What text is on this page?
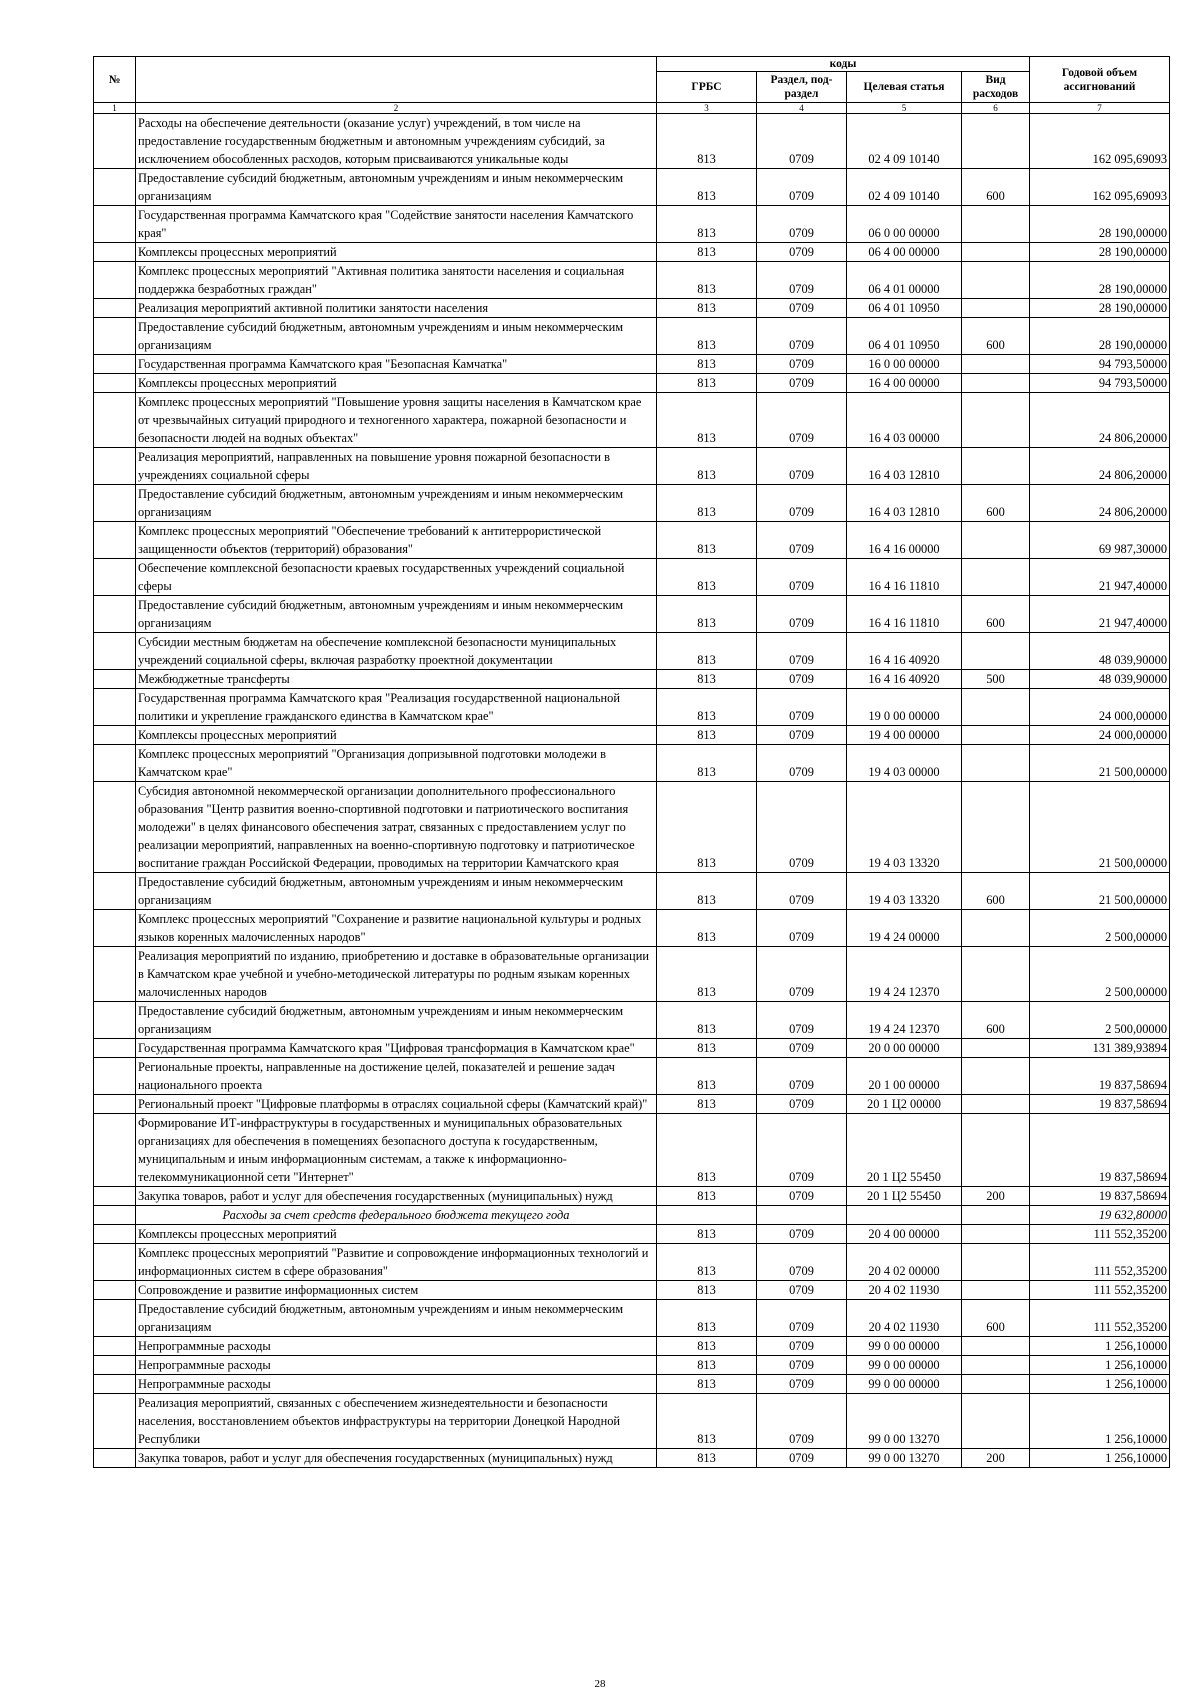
№		коды				Годовой объем ассигнований
		ГРБС	Раздел, под-раздел	Целевая статья	Вид расходов	
1	2	3	4	5	6	7
	Расходы на обеспечение деятельности (оказание услуг) учреждений, в том числе на предоставление государственным бюджетным и автономным учреждениям субсидий, за исключением обособленных расходов, которым присваиваются уникальные коды	813	0709	02 4 09 10140		162 095,69093
	Предоставление субсидий бюджетным, автономным учреждениям и иным некоммерческим организациям	813	0709	02 4 09 10140	600	162 095,69093
	Государственная программа Камчатского края "Содействие занятости населения Камчатского края"	813	0709	06 0 00 00000		28 190,00000
	Комплексы процессных мероприятий	813	0709	06 4 00 00000		28 190,00000
	Комплекс процессных мероприятий "Активная политика занятости населения и социальная поддержка безработных граждан"	813	0709	06 4 01 00000		28 190,00000
	Реализация мероприятий активной политики занятости населения	813	0709	06 4 01 10950		28 190,00000
	Предоставление субсидий бюджетным, автономным учреждениям и иным некоммерческим организациям	813	0709	06 4 01 10950	600	28 190,00000
	Государственная программа Камчатского края "Безопасная Камчатка"	813	0709	16 0 00 00000		94 793,50000
	Комплексы процессных мероприятий	813	0709	16 4 00 00000		94 793,50000
	Комплекс процессных мероприятий "Повышение уровня защиты населения в Камчатском крае от чрезвычайных ситуаций природного и техногенного характера, пожарной безопасности и безопасности людей на водных объектах"	813	0709	16 4 03 00000		24 806,20000
	Реализация мероприятий, направленных на повышение уровня пожарной безопасности в учреждениях социальной сферы	813	0709	16 4 03 12810		24 806,20000
	Предоставление субсидий бюджетным, автономным учреждениям и иным некоммерческим организациям	813	0709	16 4 03 12810	600	24 806,20000
	Комплекс процессных мероприятий "Обеспечение требований к антитеррористической защищенности объектов (территорий) образования"	813	0709	16 4 16 00000		69 987,30000
	Обеспечение комплексной безопасности краевых государственных учреждений социальной сферы	813	0709	16 4 16 11810		21 947,40000
	Предоставление субсидий бюджетным, автономным учреждениям и иным некоммерческим организациям	813	0709	16 4 16 11810	600	21 947,40000
	Субсидии местным бюджетам на обеспечение комплексной безопасности муниципальных учреждений социальной сферы, включая разработку проектной документации	813	0709	16 4 16 40920		48 039,90000
	Межбюджетные трансферты	813	0709	16 4 16 40920	500	48 039,90000
	Государственная программа Камчатского края "Реализация государственной национальной политики и укрепление гражданского единства в Камчатском крае"	813	0709	19 0 00 00000		24 000,00000
	Комплексы процессных мероприятий	813	0709	19 4 00 00000		24 000,00000
	Комплекс процессных мероприятий "Организация допризывной подготовки молодежи в Камчатском крае"	813	0709	19 4 03 00000		21 500,00000
	Субсидия автономной некоммерческой организации дополнительного профессионального образования "Центр развития военно-спортивной подготовки и патриотического воспитания молодежи" в целях финансового обеспечения затрат, связанных с предоставлением услуг по реализации мероприятий, направленных на военно-спортивную подготовку и патриотическое воспитание граждан Российской Федерации, проводимых на территории Камчатского края	813	0709	19 4 03 13320		21 500,00000
	Предоставление субсидий бюджетным, автономным учреждениям и иным некоммерческим организациям	813	0709	19 4 03 13320	600	21 500,00000
	Комплекс процессных мероприятий "Сохранение и развитие национальной культуры и родных языков коренных малочисленных народов"	813	0709	19 4 24 00000		2 500,00000
	Реализация мероприятий по изданию, приобретению и доставке в образовательные организации в Камчатском крае учебной и учебно-методической литературы по родным языкам коренных малочисленных народов	813	0709	19 4 24 12370		2 500,00000
	Предоставление субсидий бюджетным, автономным учреждениям и иным некоммерческим организациям	813	0709	19 4 24 12370	600	2 500,00000
	Государственная программа Камчатского края "Цифровая трансформация в Камчатском крае"	813	0709	20 0 00 00000		131 389,93894
	Региональные проекты, направленные на достижение целей, показателей и решение задач национального проекта	813	0709	20 1 00 00000		19 837,58694
	Региональный проект "Цифровые платформы в отраслях социальной сферы (Камчатский край)"	813	0709	20 1 Ц2 00000		19 837,58694
	Формирование ИТ-инфраструктуры в государственных и муниципальных образовательных организациях для обеспечения в помещениях безопасного доступа к государственным, муниципальным и иным информационным системам, а также к информационно-телекоммуникационной сети "Интернет"	813	0709	20 1 Ц2 55450		19 837,58694
	Закупка товаров, работ и услуг для обеспечения государственных (муниципальных) нужд	813	0709	20 1 Ц2 55450	200	19 837,58694
	Расходы за счет средств федерального бюджета текущего года					19 632,80000
	Комплексы процессных мероприятий	813	0709	20 4 00 00000		111 552,35200
	Комплекс процессных мероприятий "Развитие и сопровождение информационных технологий и информационных систем в сфере образования"	813	0709	20 4 02 00000		111 552,35200
	Сопровождение и развитие информационных систем	813	0709	20 4 02 11930		111 552,35200
	Предоставление субсидий бюджетным, автономным учреждениям и иным некоммерческим организациям	813	0709	20 4 02 11930	600	111 552,35200
	Непрограммные расходы	813	0709	99 0 00 00000		1 256,10000
	Непрограммные расходы	813	0709	99 0 00 00000		1 256,10000
	Непрограммные расходы	813	0709	99 0 00 00000		1 256,10000
	Реализация мероприятий, связанных с обеспечением жизнедеятельности и безопасности населения, восстановлением объектов инфраструктуры на территории Донецкой Народной Республики	813	0709	99 0 00 13270		1 256,10000
	Закупка товаров, работ и услуг для обеспечения государственных (муниципальных) нужд	813	0709	99 0 00 13270	200	1 256,10000
28
